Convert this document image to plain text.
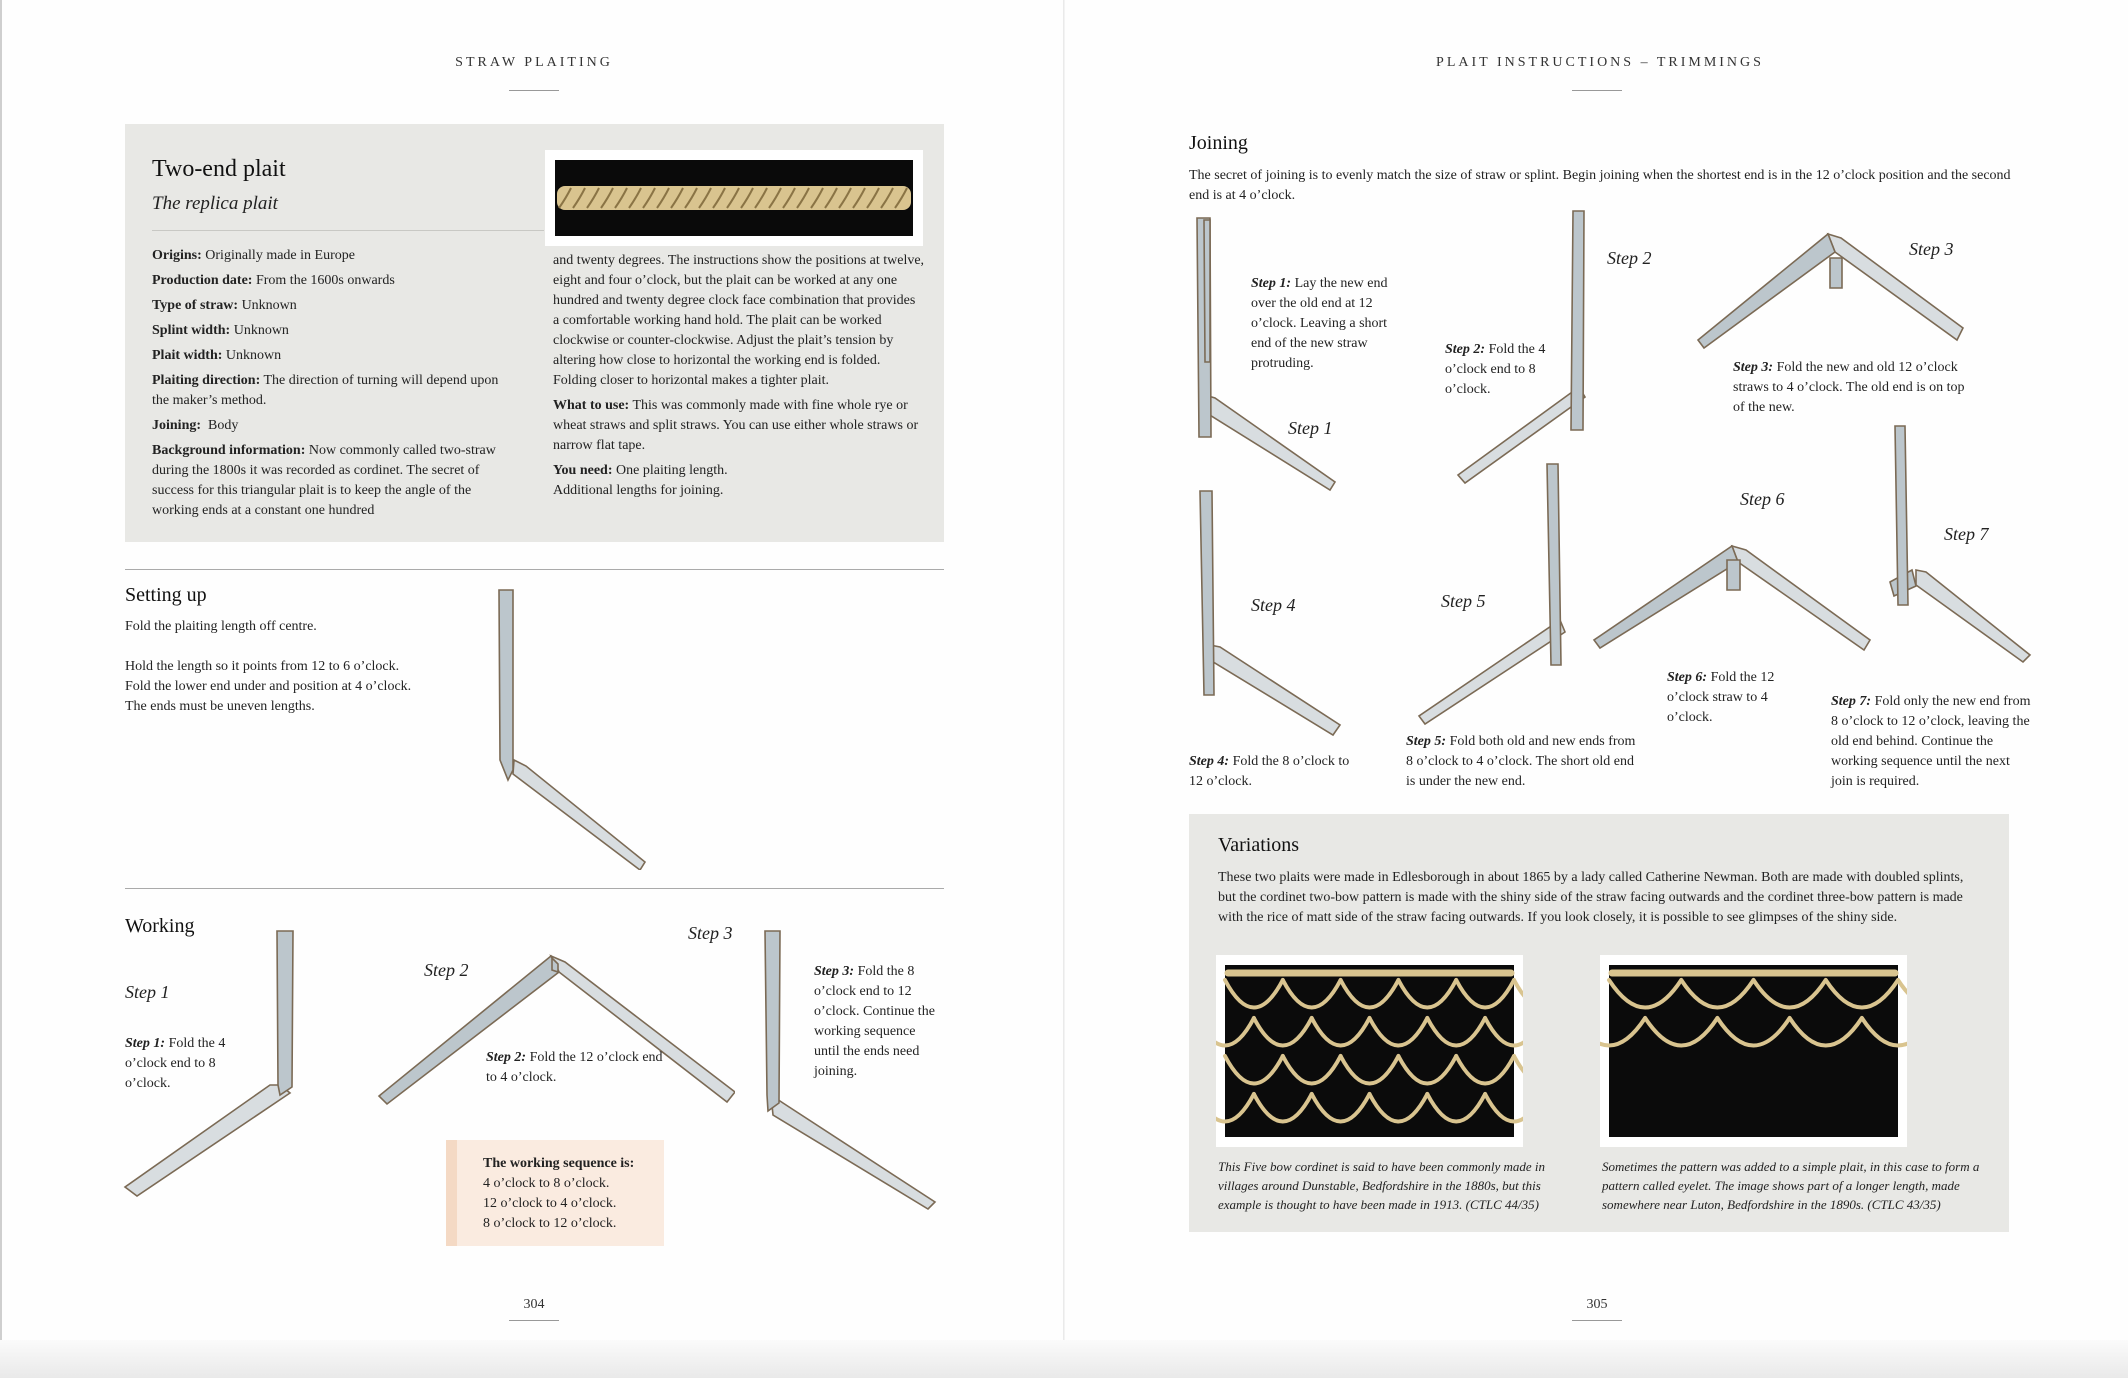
STRAW PLAITING
Two-end plait
The replica plait
Origins: Originally made in Europe
Production date: From the 1600s onwards
Type of straw: Unknown
Splint width: Unknown
Plait width: Unknown
Plaiting direction: The direction of turning will depend upon the maker’s method.
Joining: Body
Background information: Now commonly called two-straw during the 1800s it was recorded as cordinet. The secret of success for this triangular plait is to keep the angle of the working ends at a constant one hundred
and twenty degrees. The instructions show the positions at twelve, eight and four o’clock, but the plait can be worked at any one hundred and twenty degree clock face combination that provides a comfortable working hand hold. The plait can be worked clockwise or counter-clockwise. Adjust the plait’s tension by altering how close to horizontal the working end is folded. Folding closer to horizontal makes a tighter plait.
What to use: This was commonly made with fine whole rye or wheat straws and split straws. You can use either whole straws or narrow flat tape.
You need: One plaiting length.
Additional lengths for joining.
Setting up
Fold the plaiting length off centre.
Hold the length so it points from 12 to 6 o’clock. Fold the lower end under and position at 4 o’clock. The ends must be uneven lengths.
Working
Step 1
Step 1: Fold the 4 o’clock end to 8 o’clock.
Step 2
Step 2: Fold the 12 o’clock end to 4 o’clock.
Step 3
Step 3: Fold the 8 o’clock end to 12 o’clock. Continue the working sequence until the ends need joining.
The working sequence is:
4 o’clock to 8 o’clock.
12 o’clock to 4 o’clock.
8 o’clock to 12 o’clock.
304
PLAIT INSTRUCTIONS – TRIMMINGS
Joining
The secret of joining is to evenly match the size of straw or splint. Begin joining when the shortest end is in the 12 o’clock position and the second end is at 4 o’clock.
Step 1: Lay the new end over the old end at 12 o’clock. Leaving a short end of the new straw protruding.
Step 1
Step 2
Step 2: Fold the 4 o’clock end to 8 o’clock.
Step 3
Step 3: Fold the new and old 12 o’clock straws to 4 o’clock. The old end is on top of the new.
Step 4
Step 4: Fold the 8 o’clock to 12 o’clock.
Step 5
Step 5: Fold both old and new ends from 8 o’clock to 4 o’clock. The short old end is under the new end.
Step 6
Step 6: Fold the 12 o’clock straw to 4 o’clock.
Step 7
Step 7: Fold only the new end from 8 o’clock to 12 o’clock, leaving the old end behind. Continue the working sequence until the next join is required.
Variations
These two plaits were made in Edlesborough in about 1865 by a lady called Catherine Newman. Both are made with doubled splints, but the cordinet two-bow pattern is made with the shiny side of the straw facing outwards and the cordinet three-bow pattern is made with the rice of matt side of the straw facing outwards. If you look closely, it is possible to see glimpses of the shiny side.
This Five bow cordinet is said to have been commonly made in villages around Dunstable, Bedfordshire in the 1880s, but this example is thought to have been made in 1913. (CTLC 44/35)
Sometimes the pattern was added to a simple plait, in this case to form a pattern called eyelet. The image shows part of a longer length, made somewhere near Luton, Bedfordshire in the 1890s. (CTLC 43/35)
305
